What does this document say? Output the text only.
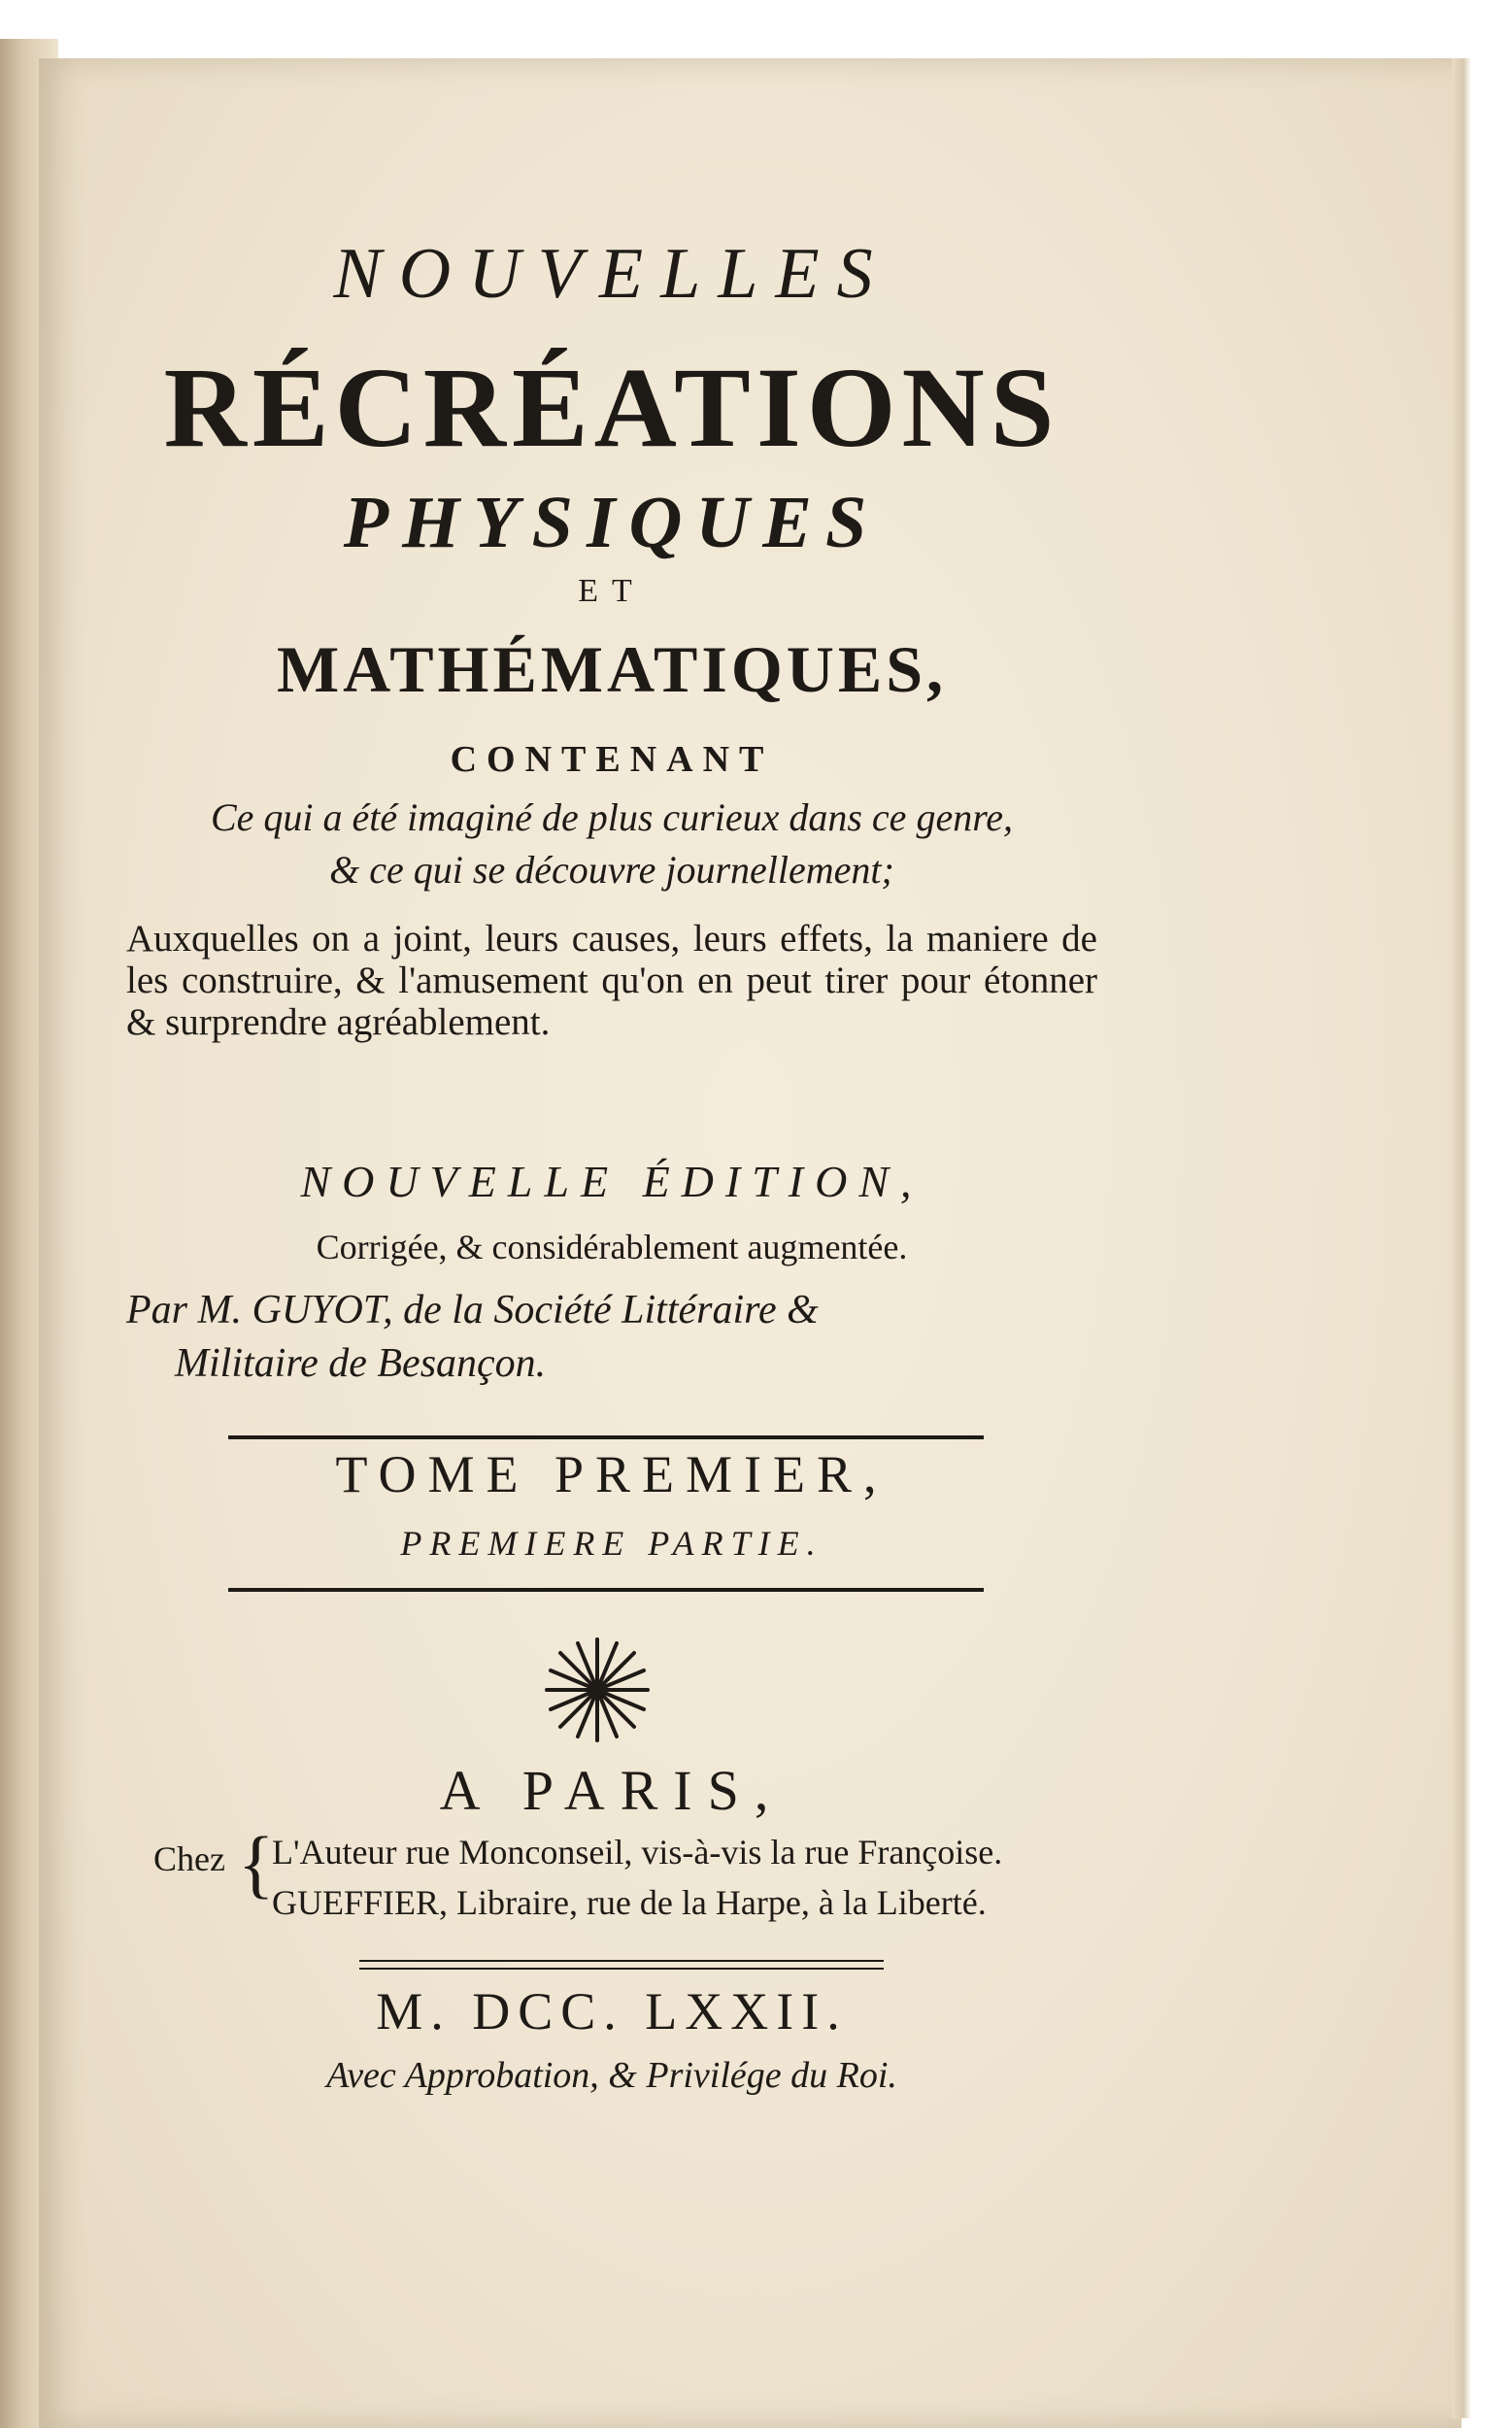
NOUVELLES
RÉCRÉATIONS
PHYSIQUES
ET
MATHÉMATIQUES,
CONTENANT
Ce qui a été imaginé de plus curieux dans ce genre,
& ce qui se découvre journellement;
Auxquelles on a joint, leurs causes, leurs effets, la maniere de les construire, & l'amusement qu'on en peut tirer pour étonner & surprendre agréablement.
NOUVELLE ÉDITION,
Corrigée, & considérablement augmentée.
Par M. GUYOT, de la Société Littéraire &
Militaire de Besançon.
TOME PREMIER,
PREMIERE PARTIE.
A PARIS,
Chez {
L'Auteur rue Monconseil, vis-à-vis la rue Françoise.
GUEFFIER, Libraire, rue de la Harpe, à la Liberté.
M. DCC. LXXII.
Avec Approbation, & Privilége du Roi.
